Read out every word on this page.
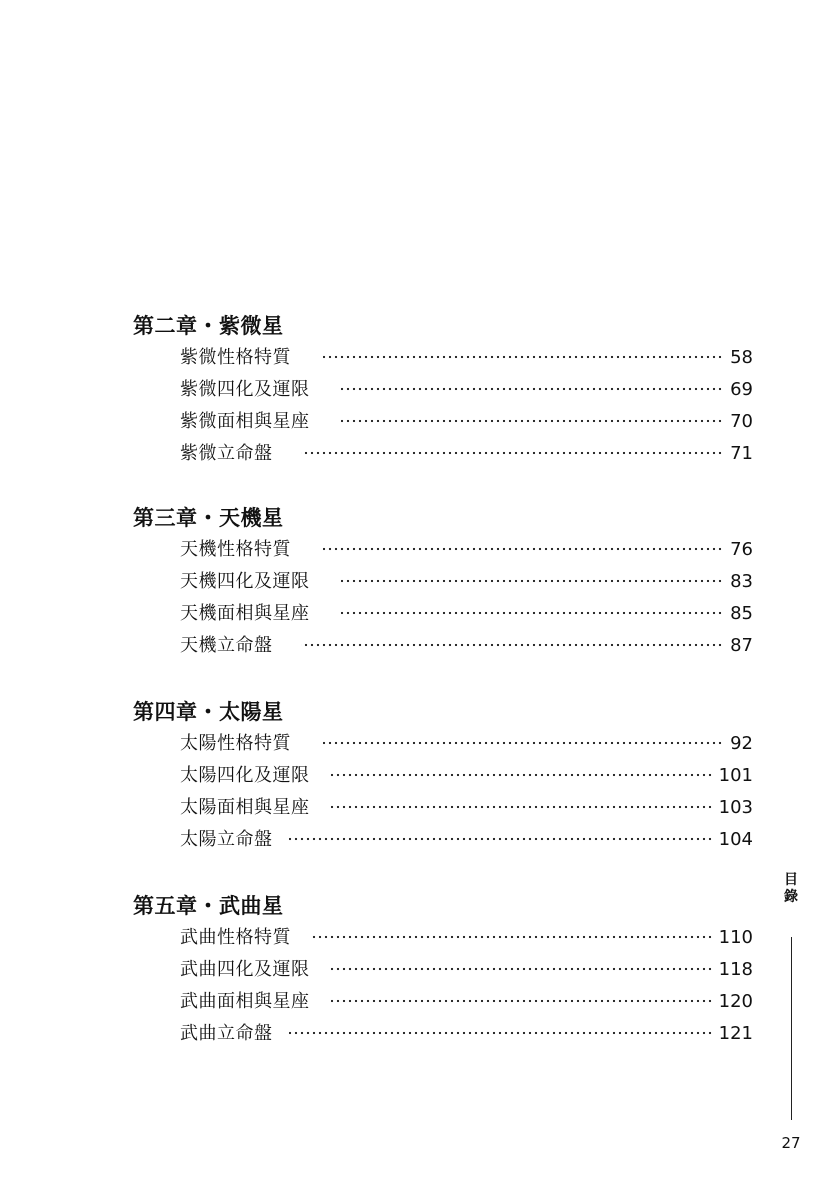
第二章・紫微星
紫微性格特質	58
紫微四化及運限	69
紫微面相與星座	70
紫微立命盤	71
第三章・天機星
天機性格特質	76
天機四化及運限	83
天機面相與星座	85
天機立命盤	87
第四章・太陽星
太陽性格特質	92
太陽四化及運限	101
太陽面相與星座	103
太陽立命盤	104
第五章・武曲星
武曲性格特質	110
武曲四化及運限	118
武曲面相與星座	120
武曲立命盤	121
目
錄
27
